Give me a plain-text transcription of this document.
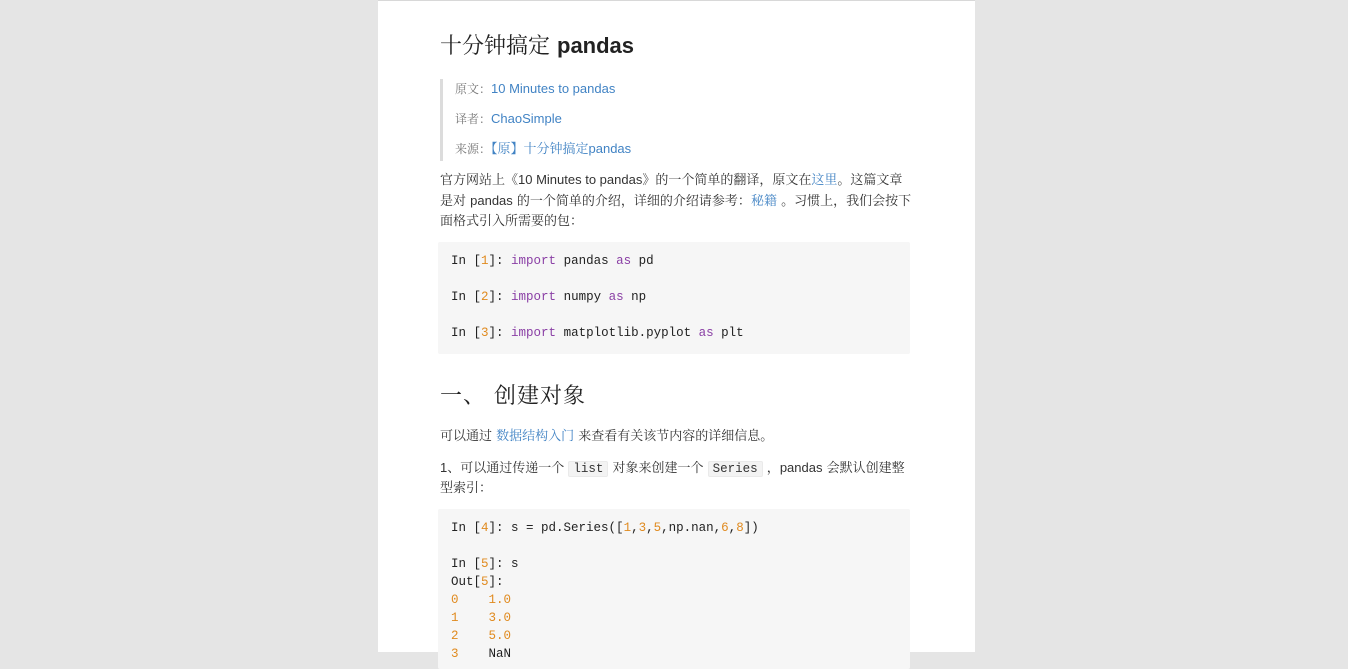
十分钟搞定 pandas
原文：10 Minutes to pandas
译者：ChaoSimple
来源：【原】十分钟搞定pandas
官方网站上《10 Minutes to pandas》的一个简单的翻译，原文在这里。这篇文章是对 pandas 的一个简单的介绍，详细的介绍请参考：秘籍 。习惯上，我们会按下面格式引入所需要的包：
In [1]: import pandas as pd

In [2]: import numpy as np

In [3]: import matplotlib.pyplot as plt
一、 创建对象
可以通过 数据结构入门 来查看有关该节内容的详细信息。
1、可以通过传递一个 list 对象来创建一个 Series ，pandas 会默认创建整型索引：
In [4]: s = pd.Series([1,3,5,np.nan,6,8])

In [5]: s
Out[5]:
0 1.0
1 3.0
2 5.0
3 NaN
